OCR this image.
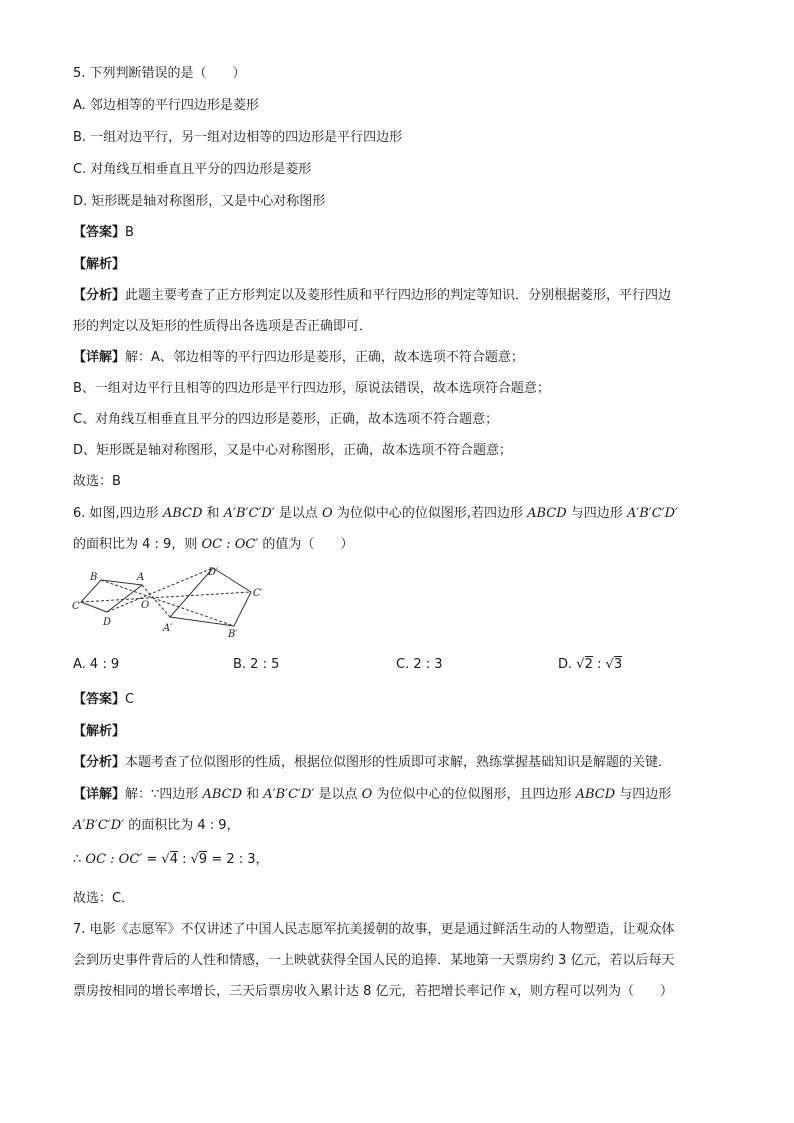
5. 下列判断错误的是（　　）
A. 邻边相等的平行四边形是菱形
B. 一组对边平行，另一组对边相等的四边形是平行四边形
C. 对角线互相垂直且平分的四边形是菱形
D. 矩形既是轴对称图形，又是中心对称图形
【答案】B
【解析】
【分析】此题主要考查了正方形判定以及菱形性质和平行四边形的判定等知识．分别根据菱形，平行四边
形的判定以及矩形的性质得出各选项是否正确即可．
【详解】解：A、邻边相等的平行四边形是菱形，正确，故本选项不符合题意；
B、一组对边平行且相等的四边形是平行四边形，原说法错误，故本选项符合题意；
C、对角线互相垂直且平分的四边形是菱形，正确，故本选项不符合题意；
D、矩形既是轴对称图形，又是中心对称图形，正确，故本选项不符合题意；
故选：B
6. 如图,四边形 ABCD 和 A′B′C′D′ 是以点 O 为位似中心的位似图形,若四边形 ABCD 与四边形 A′B′C′D′
的面积比为 4 : 9，则 OC : OC′ 的值为（　　）
B	A
C
D
O
D′
C′
B′
A′
A. 4 : 9	B. 2 : 5	C. 2 : 3	D. √2 : √3
【答案】C
【解析】
【分析】本题考查了位似图形的性质，根据位似图形的性质即可求解，熟练掌握基础知识是解题的关键．
【详解】解：∵四边形 ABCD 和 A′B′C′D′ 是以点 O 为位似中心的位似图形，且四边形 ABCD 与四边形
A′B′C′D′ 的面积比为 4 : 9，
∴ OC : OC′ = √4 : √9 = 2 : 3，
故选：C．
7. 电影《志愿军》不仅讲述了中国人民志愿军抗美援朝的故事，更是通过鲜活生动的人物塑造，让观众体
会到历史事件背后的人性和情感，一上映就获得全国人民的追捧．某地第一天票房约 3 亿元，若以后每天
票房按相同的增长率增长，三天后票房收入累计达 8 亿元，若把增长率记作 x，则方程可以列为（　　）
